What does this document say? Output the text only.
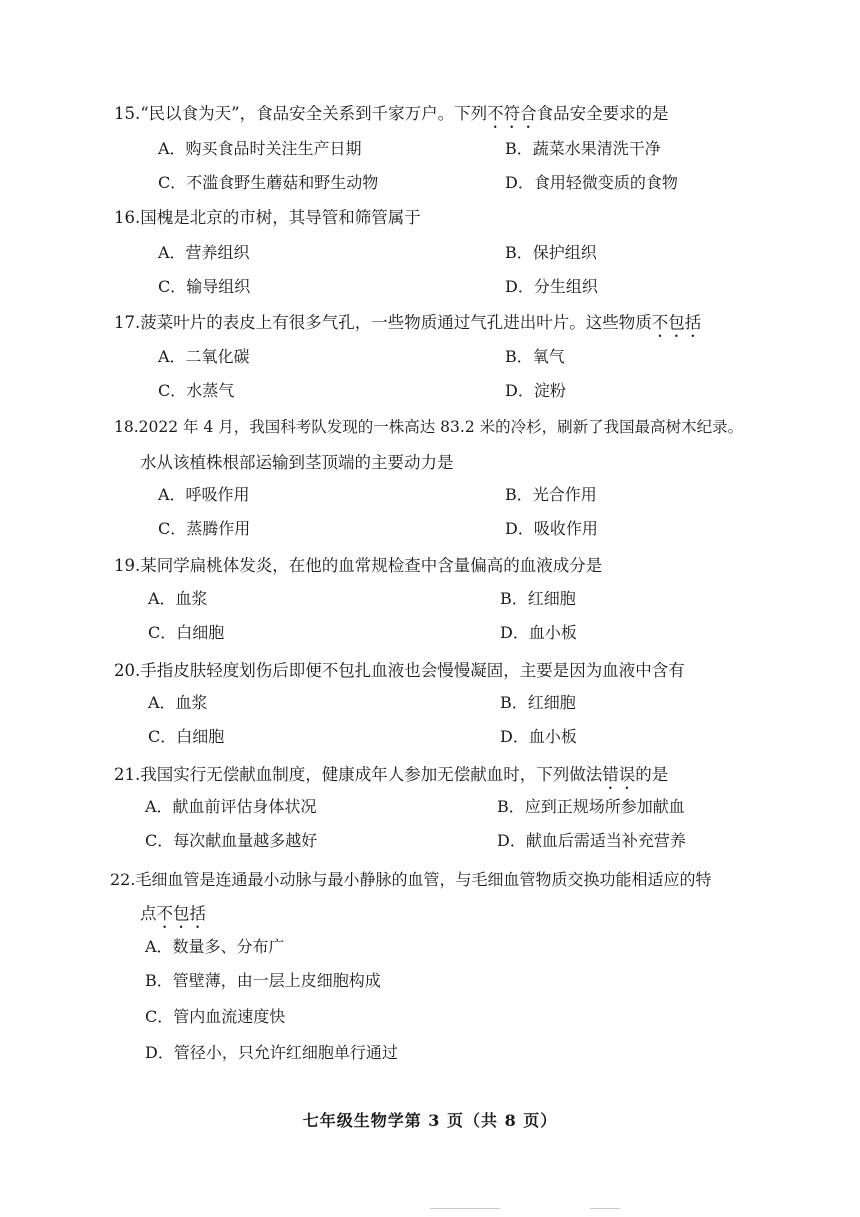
15.“民以食为天”，食品安全关系到千家万户。下列不符合食品安全要求的是
A．购买食品时关注生产日期	B．蔬菜水果清洗干净
C．不滥食野生蘑菇和野生动物	D．食用轻微变质的食物
16.国槐是北京的市树，其导管和筛管属于
A．营养组织	B．保护组织
C．输导组织	D．分生组织
17.菠菜叶片的表皮上有很多气孔，一些物质通过气孔进出叶片。这些物质不包括
A．二氧化碳	B．氧气
C．水蒸气	D．淀粉
18.2022 年 4 月，我国科考队发现的一株高达 83.2 米的冷杉，刷新了我国最高树木纪录。
水从该植株根部运输到茎顶端的主要动力是
A．呼吸作用	B．光合作用
C．蒸腾作用	D．吸收作用
19.某同学扁桃体发炎，在他的血常规检查中含量偏高的血液成分是
A．血浆	B．红细胞
C．白细胞	D．血小板
20.手指皮肤轻度划伤后即便不包扎血液也会慢慢凝固，主要是因为血液中含有
A．血浆	B．红细胞
C．白细胞	D．血小板
21.我国实行无偿献血制度，健康成年人参加无偿献血时，下列做法错误的是
A．献血前评估身体状况	B．应到正规场所参加献血
C．每次献血量越多越好	D．献血后需适当补充营养
22.毛细血管是连通最小动脉与最小静脉的血管，与毛细血管物质交换功能相适应的特
点不包括
A．数量多、分布广
B．管壁薄，由一层上皮细胞构成
C．管内血流速度快
D．管径小，只允许红细胞单行通过
七年级生物学第 3 页（共 8 页）
